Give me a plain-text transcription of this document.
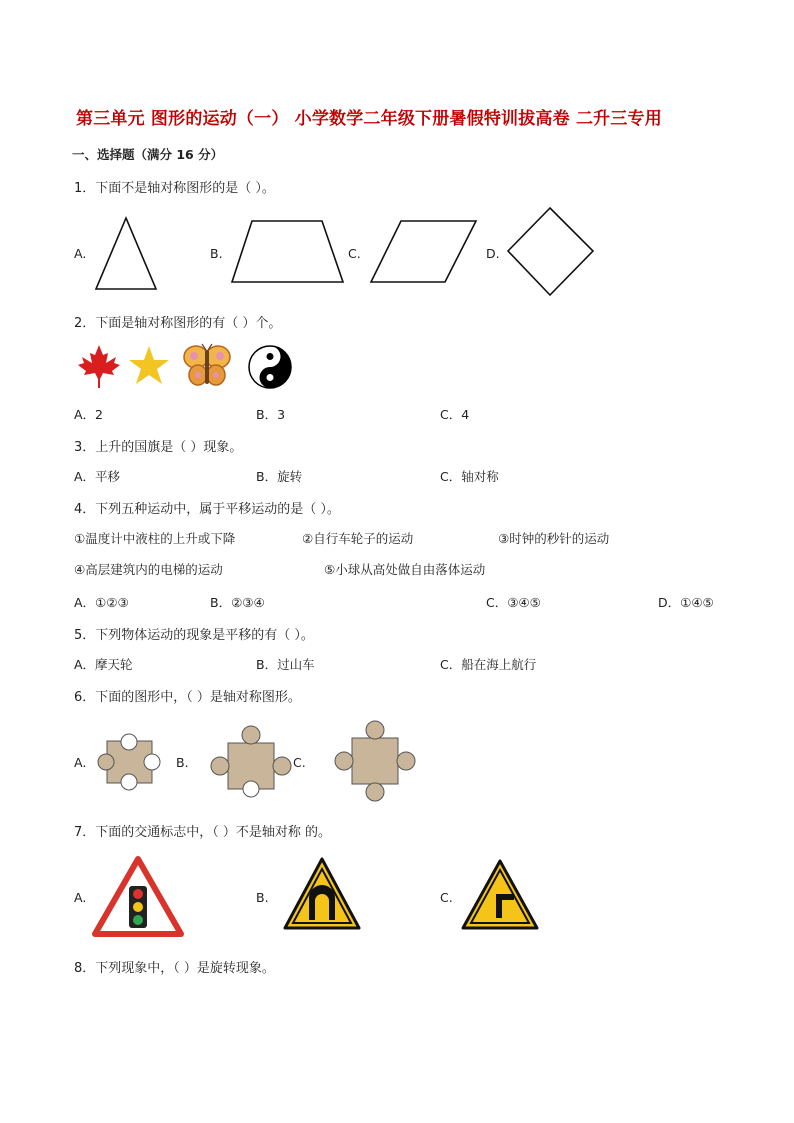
第三单元 图形的运动（一） 小学数学二年级下册暑假特训拔高卷 二升三专用
一、选择题（满分 16 分）
1．下面不是轴对称图形的是（ ）。
A.	B.	C.	D.
2．下面是轴对称图形的有（ ）个。
A．2	B．3	C．4
3．上升的国旗是（ ）现象。
A．平移	B．旋转	C．轴对称
4．下列五种运动中，属于平移运动的是（ ）。
①温度计中液柱的上升或下降	②自行车轮子的运动	③时钟的秒针的运动
④高层建筑内的电梯的运动	⑤小球从高处做自由落体运动
A．①②③	B．②③④	C．③④⑤	D．①④⑤
5．下列物体运动的现象是平移的有（ ）。
A．摩天轮	B．过山车	C．船在海上航行
6．下面的图形中，（ ）是轴对称图形。
A.	B.	C.
7．下面的交通标志中，（ ）不是轴对称 的。
A.	B.	C.
8．下列现象中，（ ）是旋转现象。
